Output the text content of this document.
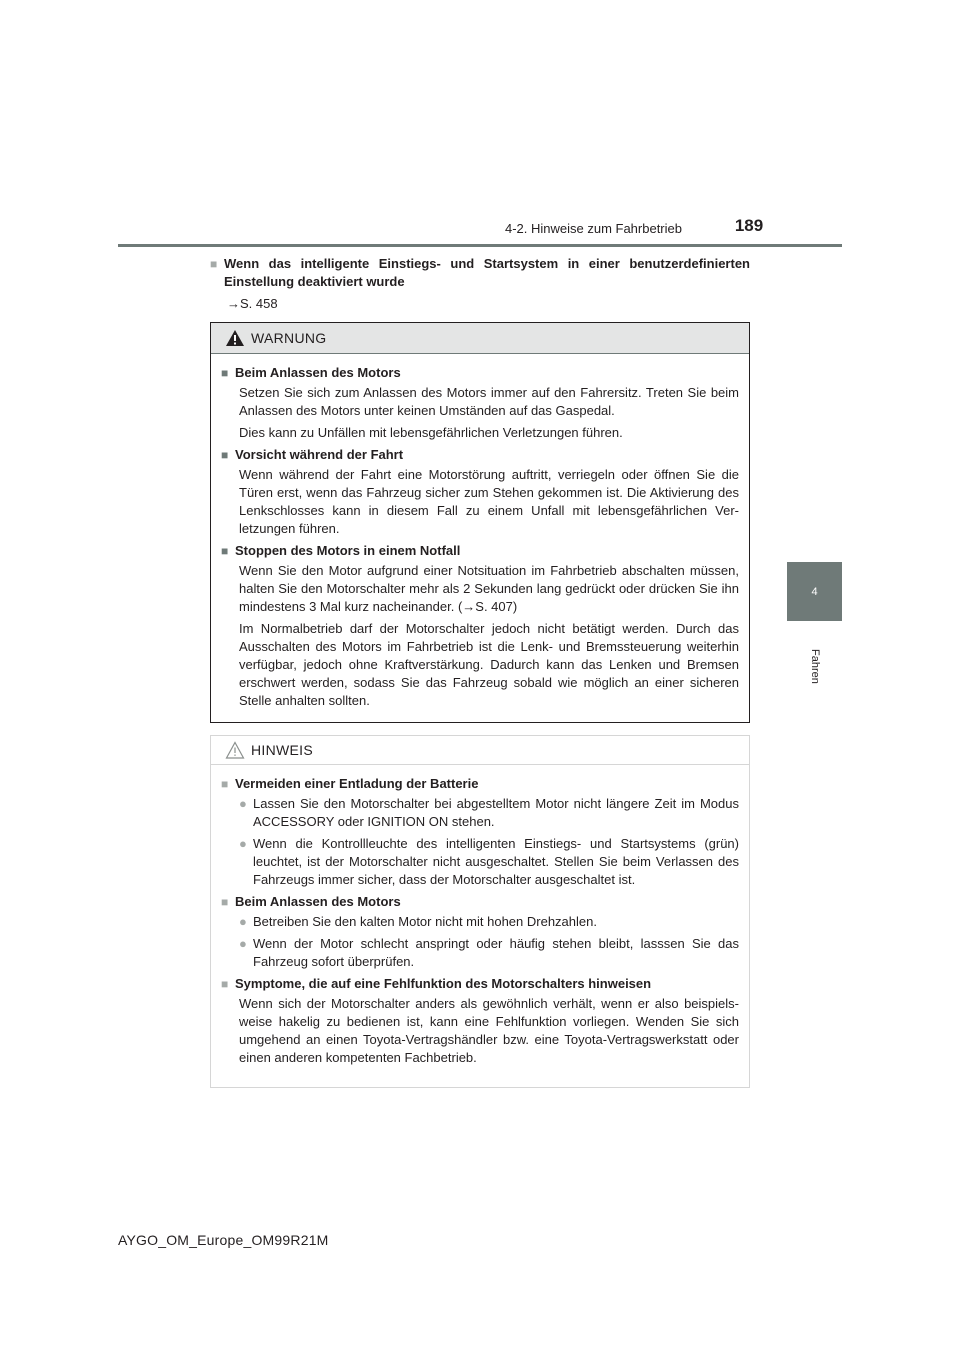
4-2. Hinweise zum Fahrbetrieb	189
4
Fahren
■ Wenn das intelligente Einstiegs- und Startsystem in einer benutzerdefinierten Einstellung deaktiviert wurde
→S. 458
WARNUNG
■ Beim Anlassen des Motors
Setzen Sie sich zum Anlassen des Motors immer auf den Fahrersitz. Treten Sie beim Anlassen des Motors unter keinen Umständen auf das Gaspedal.
Dies kann zu Unfällen mit lebensgefährlichen Verletzungen führen.
■ Vorsicht während der Fahrt
Wenn während der Fahrt eine Motorstörung auftritt, verriegeln oder öffnen Sie die Türen erst, wenn das Fahrzeug sicher zum Stehen gekommen ist. Die Aktivierung des Lenkschlosses kann in diesem Fall zu einem Unfall mit lebensgefährlichen Ver-letzungen führen.
■ Stoppen des Motors in einem Notfall
Wenn Sie den Motor aufgrund einer Notsituation im Fahrbetrieb abschalten müssen, halten Sie den Motorschalter mehr als 2 Sekunden lang gedrückt oder drücken Sie ihn mindestens 3 Mal kurz nacheinander. (→S. 407)
Im Normalbetrieb darf der Motorschalter jedoch nicht betätigt werden. Durch das Ausschalten des Motors im Fahrbetrieb ist die Lenk- und Bremssteuerung weiterhin verfügbar, jedoch ohne Kraftverstärkung. Dadurch kann das Lenken und Bremsen erschwert werden, sodass Sie das Fahrzeug sobald wie möglich an einer sicheren Stelle anhalten sollten.
HINWEIS
■ Vermeiden einer Entladung der Batterie
● Lassen Sie den Motorschalter bei abgestelltem Motor nicht längere Zeit im Modus ACCESSORY oder IGNITION ON stehen.
● Wenn die Kontrollleuchte des intelligenten Einstiegs- und Startsystems (grün) leuchtet, ist der Motorschalter nicht ausgeschaltet. Stellen Sie beim Verlassen des Fahrzeugs immer sicher, dass der Motorschalter ausgeschaltet ist.
■ Beim Anlassen des Motors
● Betreiben Sie den kalten Motor nicht mit hohen Drehzahlen.
● Wenn der Motor schlecht anspringt oder häufig stehen bleibt, lasssen Sie das Fahrzeug sofort überprüfen.
■ Symptome, die auf eine Fehlfunktion des Motorschalters hinweisen
Wenn sich der Motorschalter anders als gewöhnlich verhält, wenn er also beispiels-weise hakelig zu bedienen ist, kann eine Fehlfunktion vorliegen. Wenden Sie sich umgehend an einen Toyota-Vertragshändler bzw. eine Toyota-Vertragswerkstatt oder einen anderen kompetenten Fachbetrieb.
AYGO_OM_Europe_OM99R21M
